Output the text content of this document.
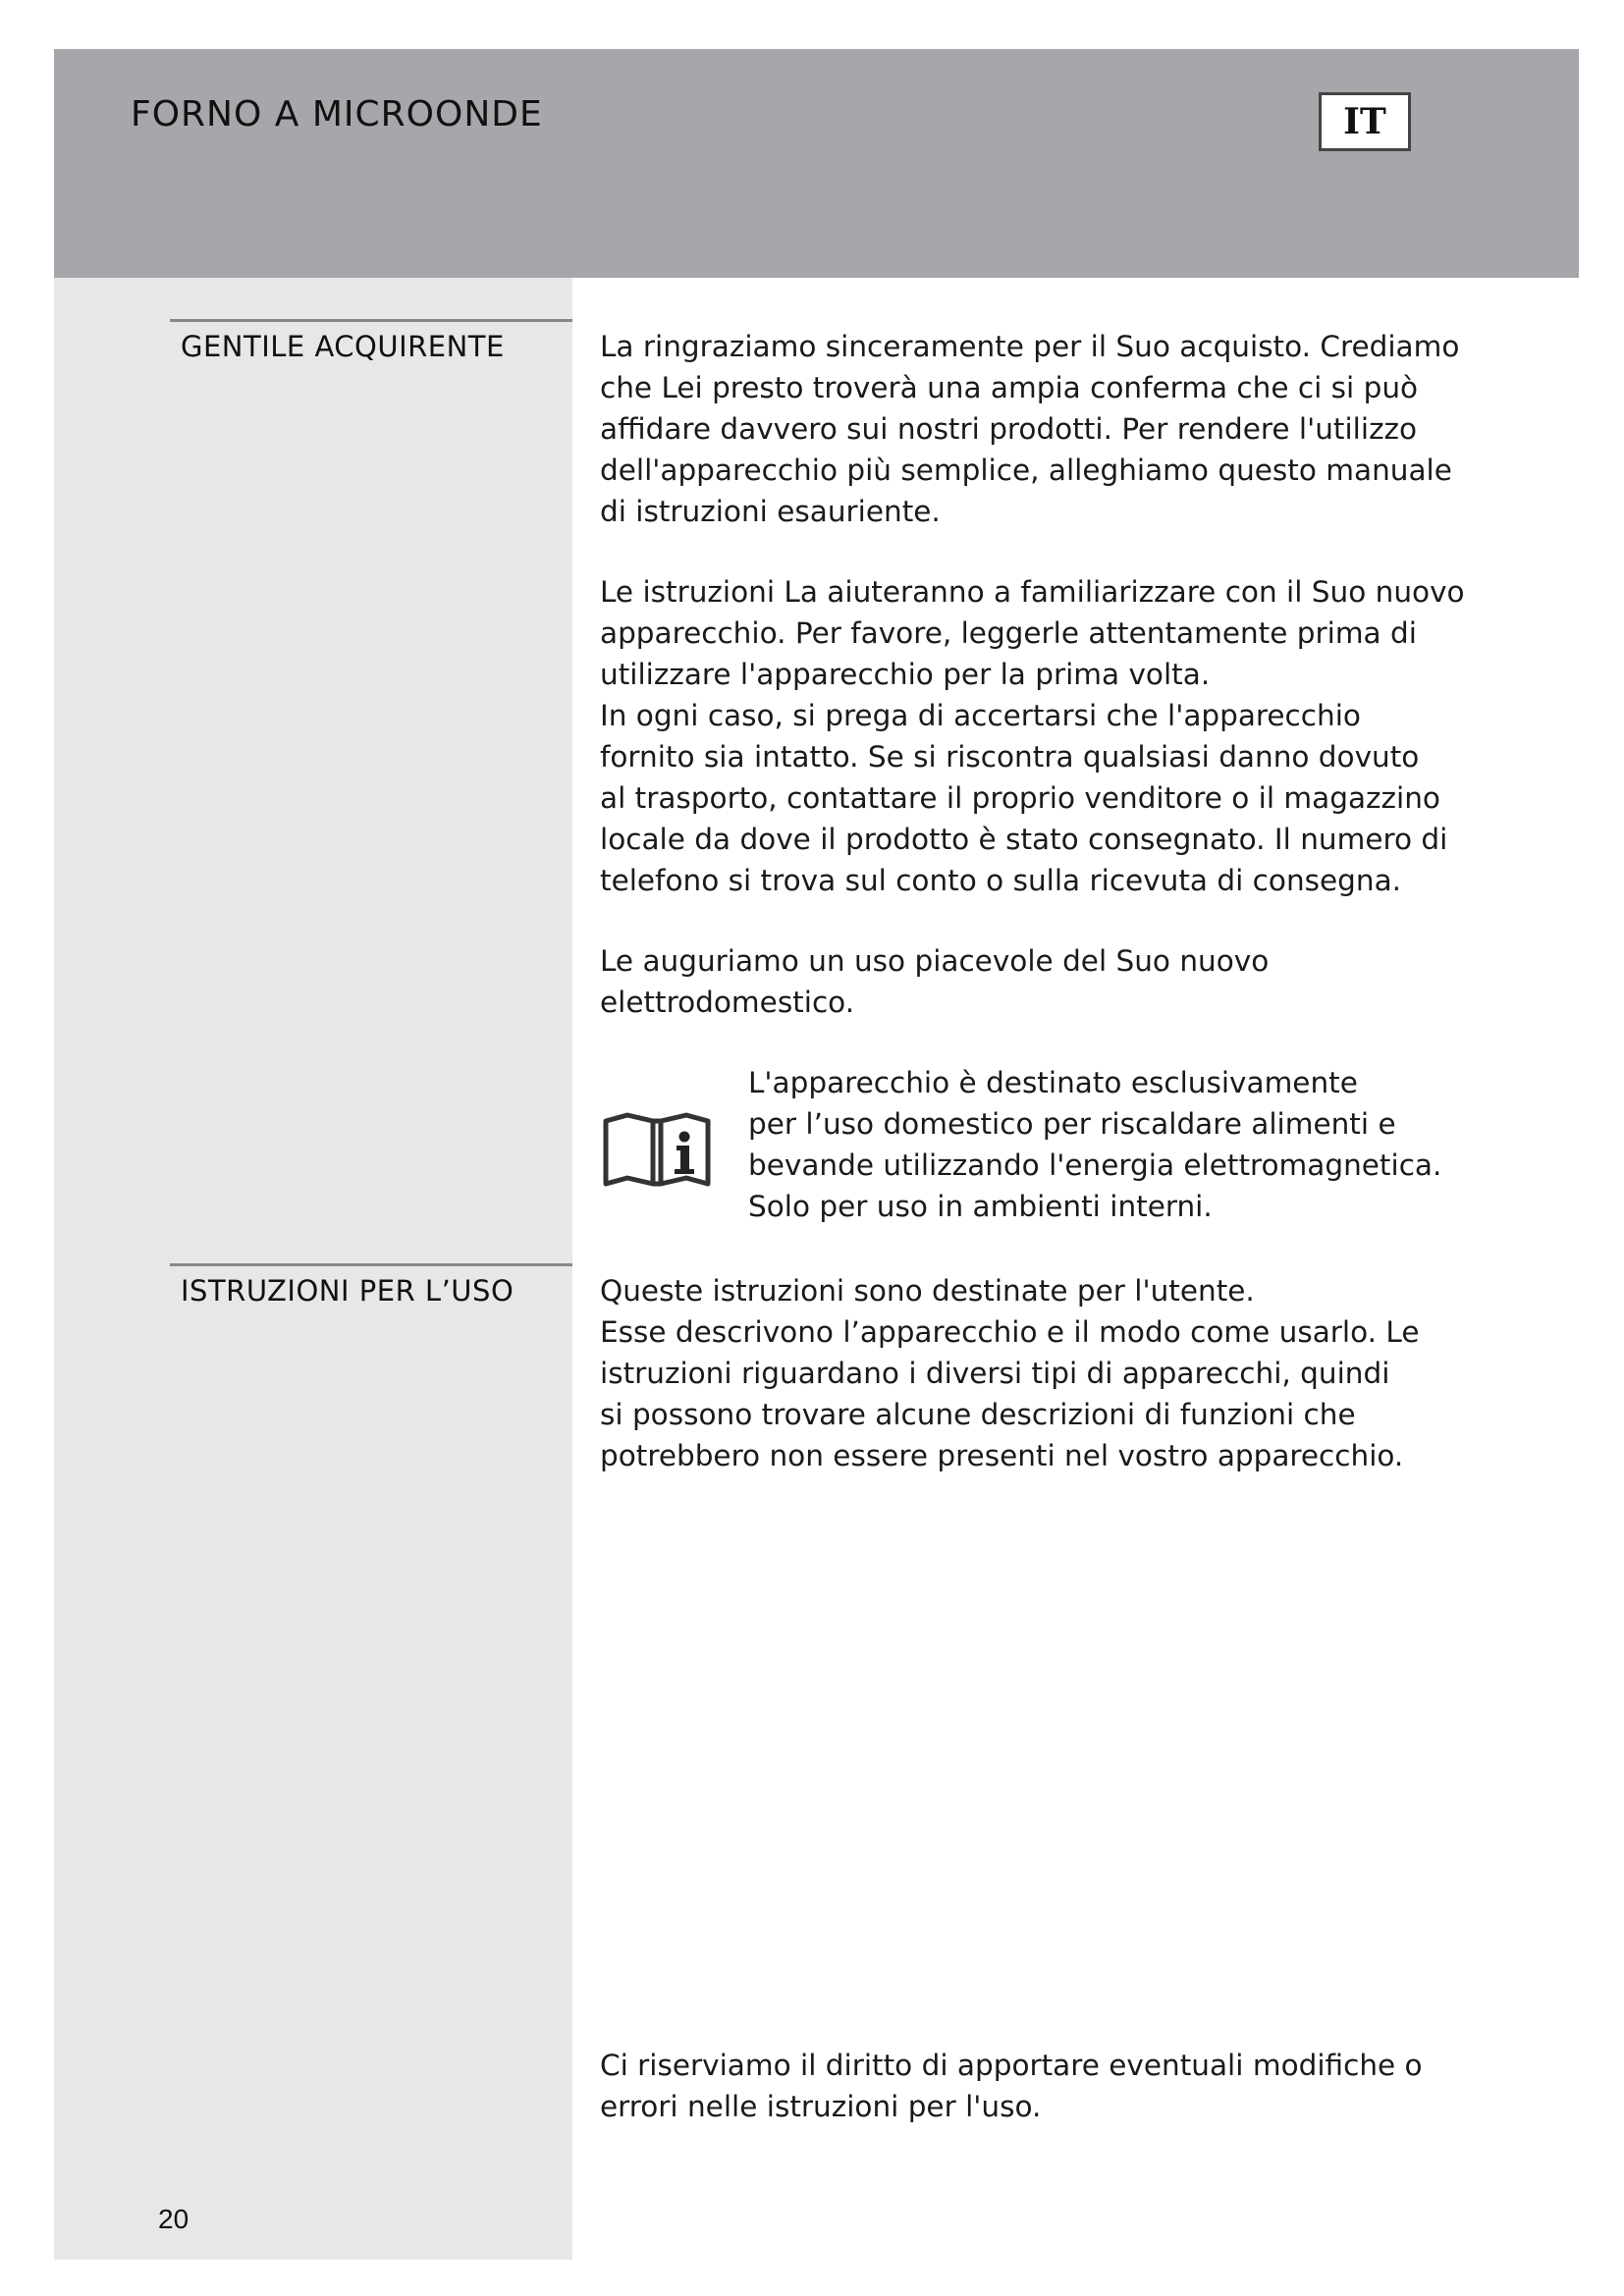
FORNO A MICROONDE	IT
GENTILE ACQUIRENTE	La ringraziamo sinceramente per il Suo acquisto. Crediamo
che Lei presto troverà una ampia conferma che ci si può
affidare davvero sui nostri prodotti. Per rendere l'utilizzo
dell'apparecchio più semplice, alleghiamo questo manuale
di istruzioni esauriente.

Le istruzioni La aiuteranno a familiarizzare con il Suo nuovo
apparecchio. Per favore, leggerle attentamente prima di
utilizzare l'apparecchio per la prima volta.
In ogni caso, si prega di accertarsi che l'apparecchio
fornito sia intatto. Se si riscontra qualsiasi danno dovuto
al trasporto, contattare il proprio venditore o il magazzino
locale da dove il prodotto è stato consegnato. Il numero di
telefono si trova sul conto o sulla ricevuta di consegna.

Le auguriamo un uso piacevole del Suo nuovo
elettrodomestico.

L'apparecchio è destinato esclusivamente
per l’uso domestico per riscaldare alimenti e
bevande utilizzando l'energia elettromagnetica.
Solo per uso in ambienti interni.
ISTRUZIONI PER L’USO	Queste istruzioni sono destinate per l'utente.
Esse descrivono l’apparecchio e il modo come usarlo. Le
istruzioni riguardano i diversi tipi di apparecchi, quindi
si possono trovare alcune descrizioni di funzioni che
potrebbero non essere presenti nel vostro apparecchio.

Ci riserviamo il diritto di apportare eventuali modifiche o
errori nelle istruzioni per l'uso.

20
